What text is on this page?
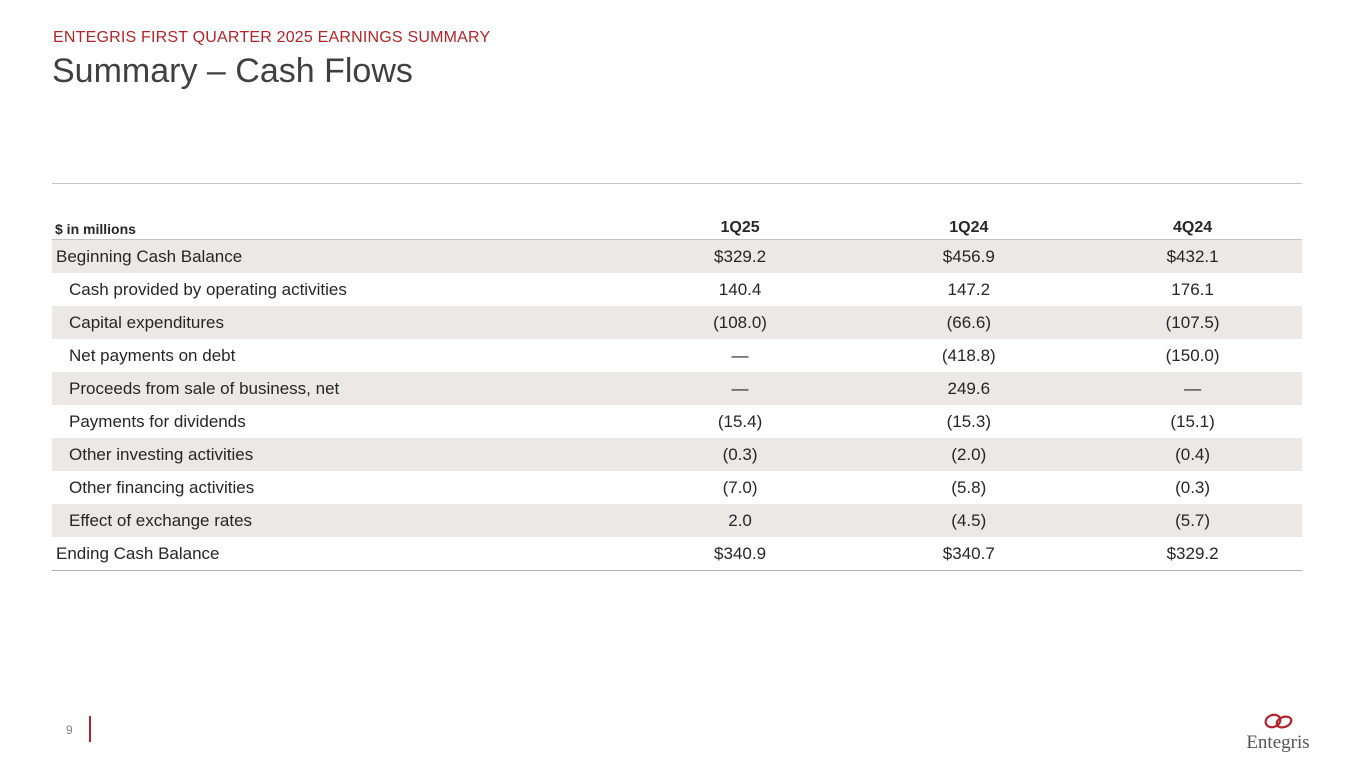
ENTEGRIS FIRST QUARTER 2025 EARNINGS SUMMARY
Summary – Cash Flows
$ in millions	1Q25	1Q24	4Q24
Beginning Cash Balance	$329.2	$456.9	$432.1
Cash provided by operating activities	140.4	147.2	176.1
Capital expenditures	(108.0)	(66.6)	(107.5)
Net payments on debt	—	(418.8)	(150.0)
Proceeds from sale of business, net	—	249.6	—
Payments for dividends	(15.4)	(15.3)	(15.1)
Other investing activities	(0.3)	(2.0)	(0.4)
Other financing activities	(7.0)	(5.8)	(0.3)
Effect of exchange rates	2.0	(4.5)	(5.7)
Ending Cash Balance	$340.9	$340.7	$329.2
9
Entegris
